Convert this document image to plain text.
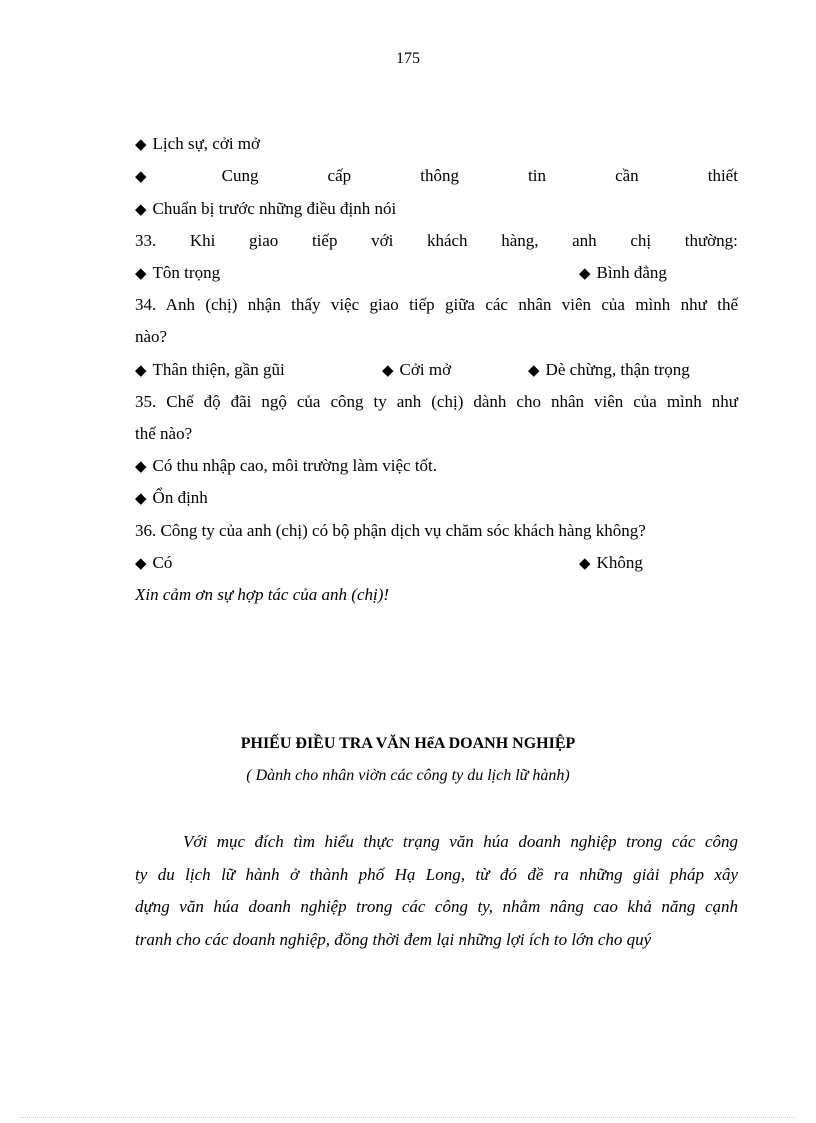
175
◆ Lịch sự, cởi mở
◆	Cung	cấp	thông	tin	cần	thiết
◆ Chuẩn bị trước những điều định nói
33. Khi giao tiếp với khách hàng, anh chị thường:
◆ Tôn trọng	◆ Bình đẳng
34. Anh (chị) nhận thấy việc giao tiếp giữa các nhân viên của mình như thế
nào?
◆ Thân thiện, gần gũi	◆ Cởi mở	◆ Dè chừng, thận trọng
35. Chế độ đãi ngộ của công ty anh (chị) dành cho nhân viên của mình như
thế nào?
◆ Có thu nhập cao, môi trường làm việc tốt.
◆ Ổn định
36. Công ty của anh (chị) có bộ phận dịch vụ chăm sóc khách hàng không?
◆ Có	◆ Không
Xin cảm ơn sự hợp tác của anh (chị)!
PHIẾU ĐIỀU TRA VĂN HểA DOANH NGHIỆP
( Dành cho nhân viờn các công ty du lịch lữ hành)
Với mục đích tìm hiểu thực trạng văn húa doanh nghiệp trong các công
ty du lịch lữ hành ở thành phố Hạ Long, từ đó đề ra những giải pháp xây
dựng văn húa doanh nghiệp trong các công ty, nhằm nâng cao khả năng cạnh
tranh cho các doanh nghiệp, đồng thời đem lại những lợi ích to lớn cho quý
